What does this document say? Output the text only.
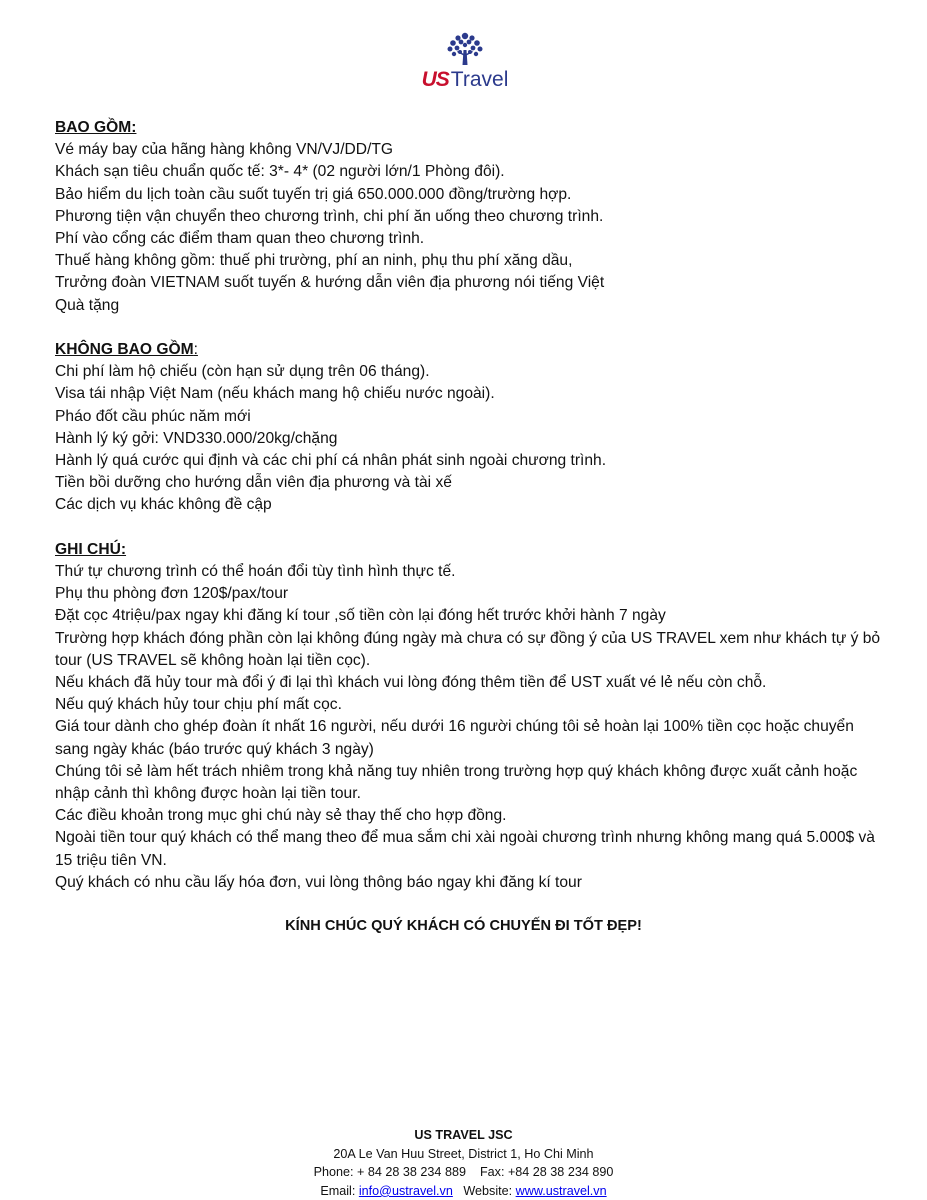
USTravel
BAO GỒM:
Vé máy bay của hãng hàng không VN/VJ/DD/TG
Khách sạn tiêu chuẩn quốc tế: 3*- 4* (02 người lớn/1 Phòng đôi).
Bảo hiểm du lịch toàn cầu suốt tuyến trị giá 650.000.000 đồng/trường hợp.
Phương tiện vận chuyển theo chương trình, chi phí ăn uống theo chương trình.
Phí vào cổng các điểm tham quan theo chương trình.
Thuế hàng không gồm: thuế phi trường, phí an ninh, phụ thu phí xăng dầu,
Trưởng đoàn VIETNAM suốt tuyến & hướng dẫn viên địa phương nói tiếng Việt
Quà tặng
KHÔNG BAO GỒM:
Chi phí làm hộ chiếu (còn hạn sử dụng trên 06 tháng).
Visa tái nhập Việt Nam (nếu khách mang hộ chiếu nước ngoài).
Pháo đốt cầu phúc năm mới
Hành lý ký gởi: VND330.000/20kg/chặng
Hành lý quá cước qui định và các chi phí cá nhân phát sinh ngoài chương trình.
Tiền bồi dưỡng cho hướng dẫn viên địa phương và tài xế
Các dịch vụ khác không đề cập
GHI CHÚ:
Thứ tự chương trình có thể hoán đổi tùy tình hình thực tế.
Phụ thu phòng đơn 120$/pax/tour
Đặt cọc 4triệu/pax ngay khi đăng kí tour ,số tiền còn lại đóng hết trước khởi hành 7 ngày
Trường hợp khách đóng phần còn lại không đúng ngày mà chưa có sự đồng ý của US TRAVEL xem như khách tự ý bỏ tour (US TRAVEL sẽ không hoàn lại tiền cọc).
Nếu khách đã hủy tour mà đổi ý đi lại thì khách vui lòng đóng thêm tiền để UST xuất vé lẻ nếu còn chỗ.
Nếu quý khách hủy tour chịu phí mất cọc.
Giá tour dành cho ghép đoàn ít nhất 16 người, nếu dưới 16 người chúng tôi sẻ hoàn lại 100% tiền cọc hoặc chuyển sang ngày khác (báo trước quý khách 3 ngày)
Chúng tôi sẻ làm hết trách nhiêm trong khả năng tuy nhiên trong trường hợp quý khách không được xuất cảnh hoặc nhập cảnh thì không được hoàn lại tiền tour.
Các điều khoản trong mục ghi chú này sẻ thay thế cho hợp đồng.
Ngoài tiền tour quý khách có thể mang theo để mua sắm chi xài ngoài chương trình nhưng không mang quá 5.000$ và 15 triệu tiên VN.
Quý khách có nhu cầu lấy hóa đơn, vui lòng thông báo ngay khi đăng kí tour
KÍNH CHÚC QUÝ KHÁCH CÓ CHUYẾN ĐI TỐT ĐẸP!
US TRAVEL JSC
20A Le Van Huu Street, District 1, Ho Chi Minh
Phone: + 84 28 38 234 889    Fax: +84 28 38 234 890
Email: info@ustravel.vn   Website: www.ustravel.vn
